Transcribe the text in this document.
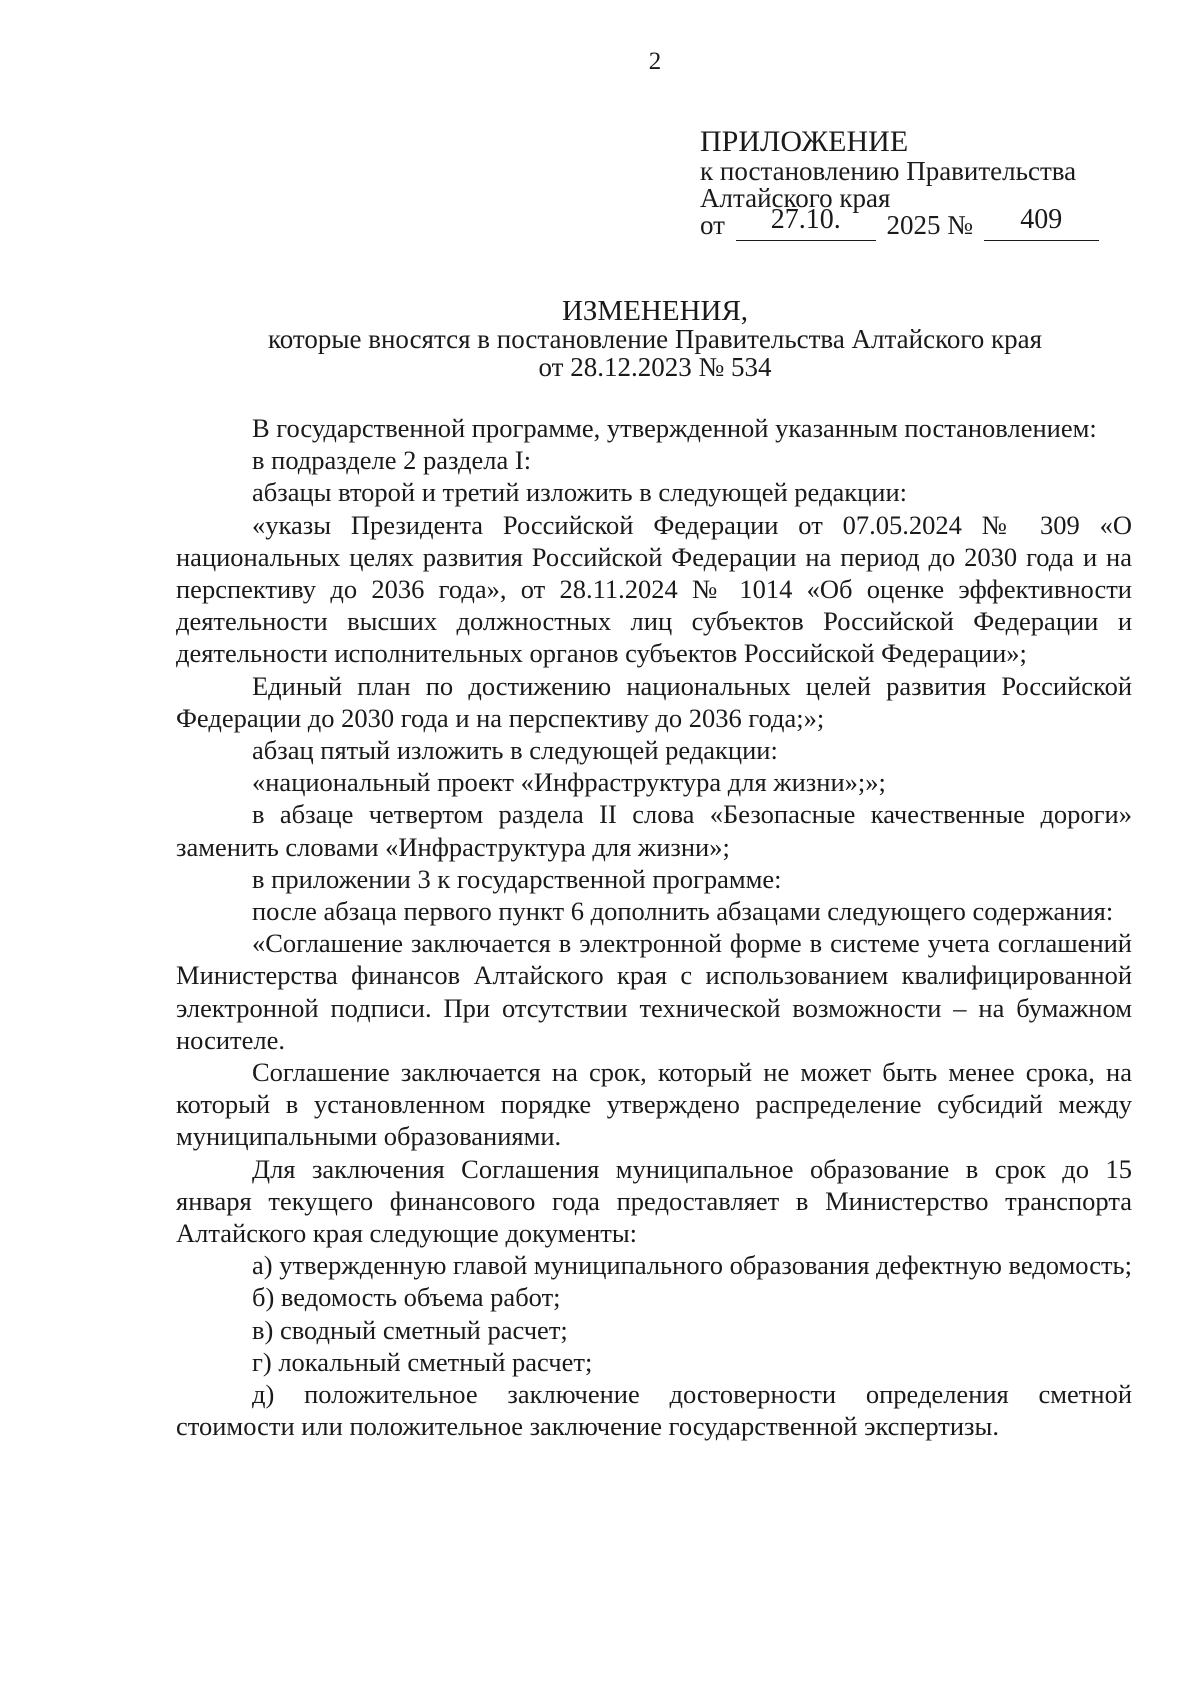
2
ПРИЛОЖЕНИЕ
к постановлению Правительства
Алтайского края
от 27.10. 2025 № 409
ИЗМЕНЕНИЯ,
которые вносятся в постановление Правительства Алтайского края
от 28.12.2023 № 534

В государственной программе, утвержденной указанным постановлением:

в подразделе 2 раздела I:

абзацы второй и третий изложить в следующей редакции:

«указы Президента Российской Федерации от 07.05.2024 № 309 «О национальных целях развития Российской Федерации на период до 2030 года и на перспективу до 2036 года», от 28.11.2024 № 1014 «Об оценке эффективности деятельности высших должностных лиц субъектов Российской Федерации и деятельности исполнительных органов субъектов Российской Федерации»;

Единый план по достижению национальных целей развития Российской Федерации до 2030 года и на перспективу до 2036 года;»;

абзац пятый изложить в следующей редакции:

«национальный проект «Инфраструктура для жизни»;»;

в абзаце четвертом раздела II слова «Безопасные качественные дороги» заменить словами «Инфраструктура для жизни»;

в приложении 3 к государственной программе:

после абзаца первого пункт 6 дополнить абзацами следующего содержания:

«Соглашение заключается в электронной форме в системе учета соглашений Министерства финансов Алтайского края с использованием квалифицированной электронной подписи. При отсутствии технической возможности – на бумажном носителе.

Соглашение заключается на срок, который не может быть менее срока, на который в установленном порядке утверждено распределение субсидий между муниципальными образованиями.

Для заключения Соглашения муниципальное образование в срок до 15 января текущего финансового года предоставляет в Министерство транспорта Алтайского края следующие документы:

а) утвержденную главой муниципального образования дефектную ведомость;

б) ведомость объема работ;

в) сводный сметный расчет;

г) локальный сметный расчет;

д) положительное заключение достоверности определения сметной стоимости или положительное заключение государственной экспертизы.
